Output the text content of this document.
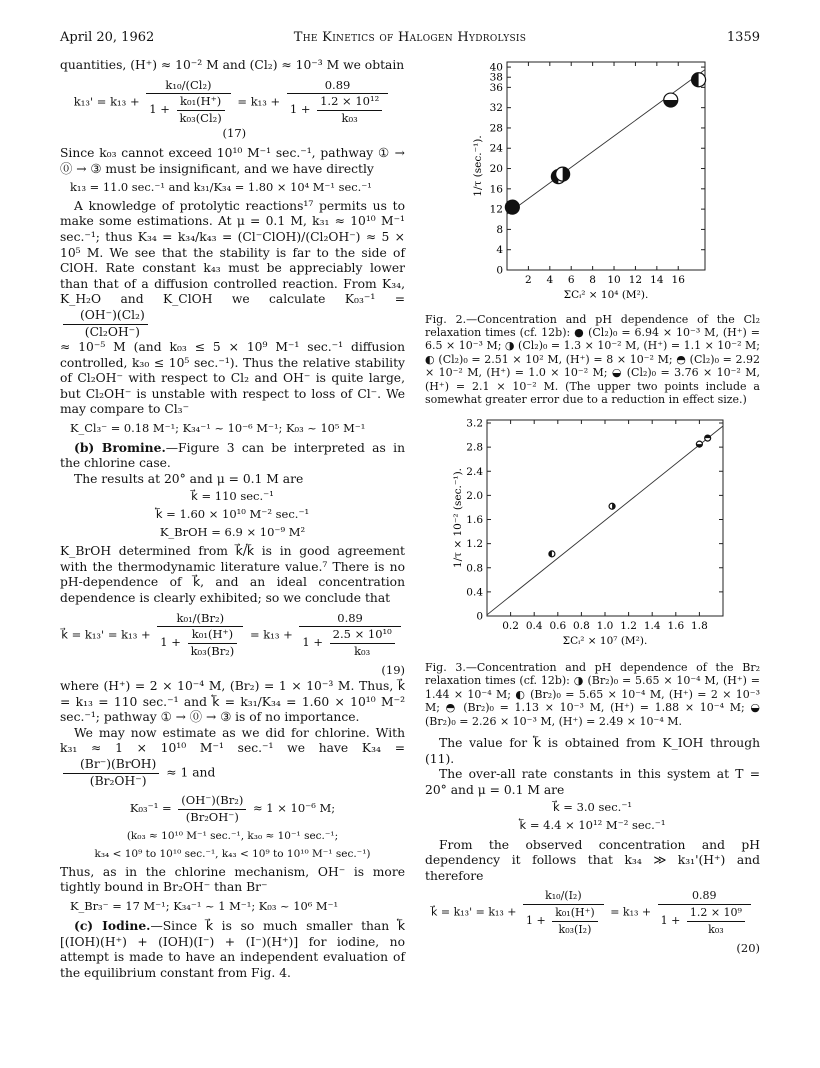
April 20, 1962	The Kinetics of Halogen Hydrolysis	1359

quantities, (H⁺) ≈ 10⁻² M and (Cl₂) ≈ 10⁻³ M we obtain

$k_{13}' = k_{13} + \frac{\text{k₁₀/(Cl₂)}}{1 + \frac{\text{k₀₁(H⁺)}}{\text{k₀₃(Cl₂)}}} = k_{13} + \frac{0.89}{1 + \frac{\text{1.2 × 10¹²}}{\text{k₀₃}}}$
(17)

Since k₀₃ cannot exceed 10¹⁰ M⁻¹ sec.⁻¹, pathway ① → ⓪ → ③ must be insignificant, and we have directly

k₁₃ = 11.0 sec.⁻¹ and k₃₁/K₃₄ = 1.80 × 10⁴ M⁻¹ sec.⁻¹

A knowledge of protolytic reactions¹⁷ permits us to make some estimations. At μ = 0.1 M, k₃₁ ≈ 10¹⁰ M⁻¹ sec.⁻¹; thus K₃₄ = k₃₄/k₄₃ = (Cl⁻ClOH)/(Cl₂OH⁻) ≈ 5 × 10⁵ M. We see that the stability is far to the side of ClOH. Rate constant k₄₃ must be appreciably lower than that of a diffusion controlled reaction. From K₃₄, K_H₂O and K_ClOH we calculate K₀₃⁻¹ =
$\frac{\text{(OH⁻)(Cl₂)}}{\text{(Cl₂OH⁻)}}$

≈ 10⁻⁵ M (and k₀₃ ≤ 5 × 10⁹ M⁻¹ sec.⁻¹ diffusion controlled, k₃₀ ≤ 10⁵ sec.⁻¹). Thus the relative stability of Cl₂OH⁻ with respect to Cl₂ and OH⁻ is quite large, but Cl₂OH⁻ is unstable with respect to loss of Cl⁻. We may compare to Cl₃⁻

K_Cl₃⁻ = 0.18 M⁻¹; K₃₄⁻¹ ~ 10⁻⁶ M⁻¹; K₀₃ ~ 10⁵ M⁻¹

(b) Bromine.—Figure 3 can be interpreted as in the chlorine case.

The results at 20° and μ = 0.1 M are

k⃗ = 110 sec.⁻¹
k⃖ = 1.60 × 10¹⁰ M⁻² sec.⁻¹
K_BrOH = 6.9 × 10⁻⁹ M²

K_BrOH determined from k⃗/k⃖ is in good agreement with the thermodynamic literature value.⁷ There is no pH-dependence of k⃗, and an ideal concentration dependence is clearly exhibited; so we conclude that

k⃗ = $k_{13}' = k_{13} + \frac{\text{k₀₁/(Br₂)}}{1 + \frac{\text{k₀₁(H⁺)}}{\text{k₀₃(Br₂)}}} = k_{13} + \frac{0.89}{1 + \frac{\text{2.5 × 10¹⁰}}{\text{k₀₃}}}$
(19)

where (H⁺) = 2 × 10⁻⁴ M, (Br₂) = 1 × 10⁻³ M. Thus, k⃗ = k₁₃ = 110 sec.⁻¹ and k⃖ = k₃₁/K₃₄ = 1.60 × 10¹⁰ M⁻² sec.⁻¹; pathway ① → ⓪ → ③ is of no importance.

We may now estimate as we did for chlorine. With k₃₁ ≈ 1 × 10¹⁰ M⁻¹ sec.⁻¹ we have K₃₄ =
$\frac{\text{(Br⁻)(BrOH)}}{\text{(Br₂OH⁻)}} \approx 1$ and

$K_{03}^{-1} = \frac{\text{(OH⁻)(Br₂)}}{\text{(Br₂OH⁻)}} \approx 1 \times 10^{-6}$ M;
(k₀₃ ≈ 10¹⁰ M⁻¹ sec.⁻¹, k₃₀ ≈ 10⁻¹ sec.⁻¹;
k₃₄ < 10⁹ to 10¹⁰ sec.⁻¹, k₄₃ < 10⁹ to 10¹⁰ M⁻¹ sec.⁻¹)

Thus, as in the chlorine mechanism, OH⁻ is more tightly bound in Br₂OH⁻ than Br⁻

K_Br₃⁻ = 17 M⁻¹; K₃₄⁻¹ ~ 1 M⁻¹; K₀₃ ~ 10⁶ M⁻¹

(c) Iodine.—Since k⃗ is so much smaller than k⃖ [(IOH)(H⁺) + (IOH)(I⁻) + (I⁻)(H⁺)] for iodine, no attempt is made to have an independent evaluation of the equilibrium constant from Fig. 4.

2 4 6 8 10 12 14 16
0
4
8
12
16
20
24
28
32
36
38
40
ΣCᵢ² × 10⁴ (M²).
1/τ (sec.⁻¹).

Fig. 2.—Concentration and pH dependence of the Cl₂ relaxation times (cf. 12b): ● (Cl₂)₀ = 6.94 × 10⁻³ M, (H⁺) = 6.5 × 10⁻³ M; ◑ (Cl₂)₀ = 1.3 × 10⁻² M, (H⁺) = 1.1 × 10⁻² M; ◐ (Cl₂)₀ = 2.51 × 10² M, (H⁺) = 8 × 10⁻² M; ◓ (Cl₂)₀ = 2.92 × 10⁻² M, (H⁺) = 1.0 × 10⁻² M; ◒ (Cl₂)₀ = 3.76 × 10⁻² M, (H⁺) = 2.1 × 10⁻² M. (The upper two points include a somewhat greater error due to a reduction in effect size.)

0.2 0.4 0.6 0.8 1.0 1.2 1.4 1.6 1.8
0
0.4
0.8
1.2
1.6
2.0
2.4
2.8
3.2
ΣCᵢ² × 10⁷ (M²).
1/τ × 10⁻² (sec.⁻¹).

Fig. 3.—Concentration and pH dependence of the Br₂ relaxation times (cf. 12b): ◑ (Br₂)₀ = 5.65 × 10⁻⁴ M, (H⁺) = 1.44 × 10⁻⁴ M; ◐ (Br₂)₀ = 5.65 × 10⁻⁴ M, (H⁺) = 2 × 10⁻³ M; ◓ (Br₂)₀ = 1.13 × 10⁻³ M, (H⁺) = 1.88 × 10⁻⁴ M; ◒ (Br₂)₀ = 2.26 × 10⁻³ M, (H⁺) = 2.49 × 10⁻⁴ M.

The value for k⃖ is obtained from K_IOH through (11).

The over-all rate constants in this system at T = 20° and μ = 0.1 M are

k⃗ = 3.0 sec.⁻¹
k⃖ = 4.4 × 10¹² M⁻² sec.⁻¹

From the observed concentration and pH dependency it follows that k₃₄ ≫ k₃₁'(H⁺) and therefore

k⃗ = $k_{13}' = k_{13} + \frac{\text{k₁₀/(I₂)}}{1 + \frac{\text{k₀₁(H⁺)}}{\text{k₀₃(I₂)}}} = k_{13} + \frac{0.89}{1 + \frac{\text{1.2 × 10⁹}}{\text{k₀₃}}}$
(20)
